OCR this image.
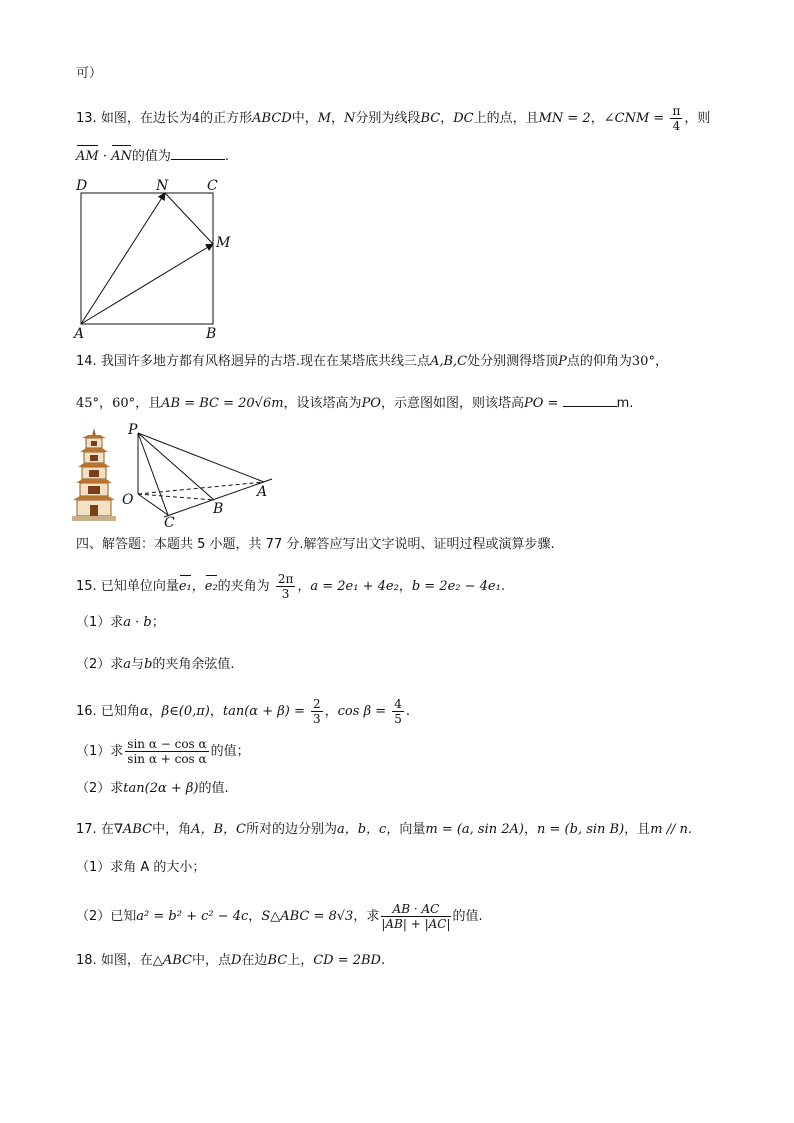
可）
13. 如图，在边长为4的正方形ABCD中，M，N分别为线段BC，DC上的点，且MN = 2，∠CNM = $\frac{\pi}{4}$ ，则
AM · AN的值为	.
D	N	C
M
A	B
14. 我国许多地方都有风格迥异的古塔.现在在某塔底共线三点A,B,C处分别测得塔顶P点的仰角为30°，
45°，60°，且AB = BC = 20√6m，设该塔高为PO，示意图如图，则该塔高PO =	m.
P
O	A
B
C
四、解答题：本题共 5 小题，共 77 分.解答应写出文字说明、证明过程或演算步骤.
15. 已知单位向量e₁，e₂的夹角为 $\frac{2\pi}{3}$ ，a = 2e₁ + 4e₂，b = 2e₂ − 4e₁.
（1）求a · b；
（2）求a与b的夹角余弦值.
16. 已知角α，β∈(0,π)，$\tan(\alpha + \beta) = \frac{2}{3}$ ，$\cos \beta = \frac{4}{5}$ .
（1）求 $\frac{\text{sin α − cos α}}{\text{sin α + cos α}}$ 的值；
（2）求tan(2α + β)的值.
17. 在∇ABC中，角A，B，C所对的边分别为a，b，c，向量m = (a, sin 2A)，n = (b, sin B)，且m // n.
（1）求角 A 的大小；
（2）已知a² = b² + c² − 4c，S△ABC = 8√3，求 $\frac{AB \cdot AC}{|AB| + |AC|}$ 的值.
18. 如图，在△ABC中，点D在边BC上，CD = 2BD.
